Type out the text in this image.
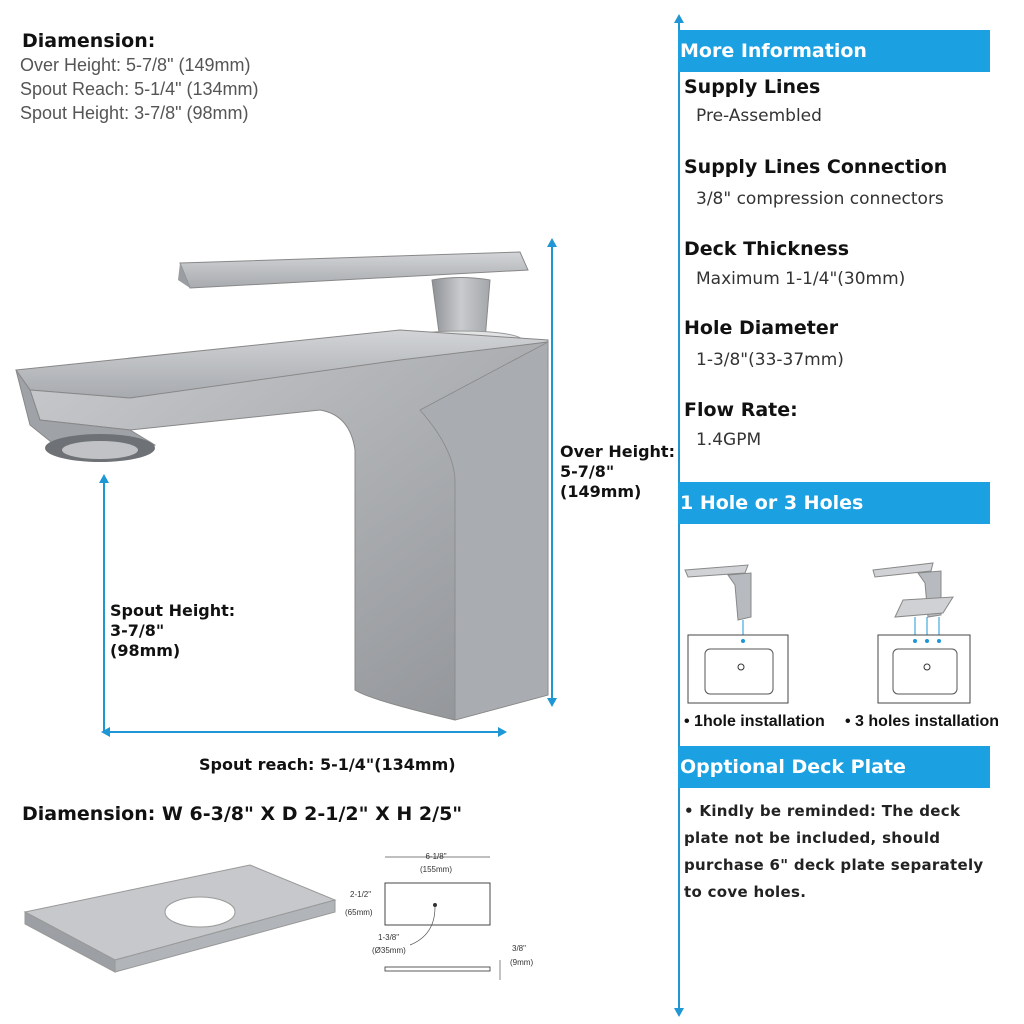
Diamension:
Over Height: 5-7/8" (149mm)
Spout Reach: 5-1/4" (134mm)
Spout Height: 3-7/8" (98mm)
Over Height:
5-7/8"
(149mm)
Spout Height:
3-7/8"
(98mm)
Spout reach: 5-1/4"(134mm)
Diamension: W 6-3/8" X D 2-1/2" X H 2/5"
6-1/8"
(155mm)
2-1/2"
(65mm)
1-3/8"
(Ø35mm)	3/8"
(9mm)
More Information
Supply Lines
Pre-Assembled
Supply Lines Connection
3/8" compression connectors
Deck Thickness
Maximum 1-1/4"(30mm)
Hole Diameter
1-3/8"(33-37mm)
Flow Rate:
1.4GPM
1 Hole or 3 Holes Installation
• 1hole installation • 3 holes installation
Opptional Deck Plate
• Kindly be reminded: The deck plate not be included, should purchase 6" deck plate separately to cove holes.
